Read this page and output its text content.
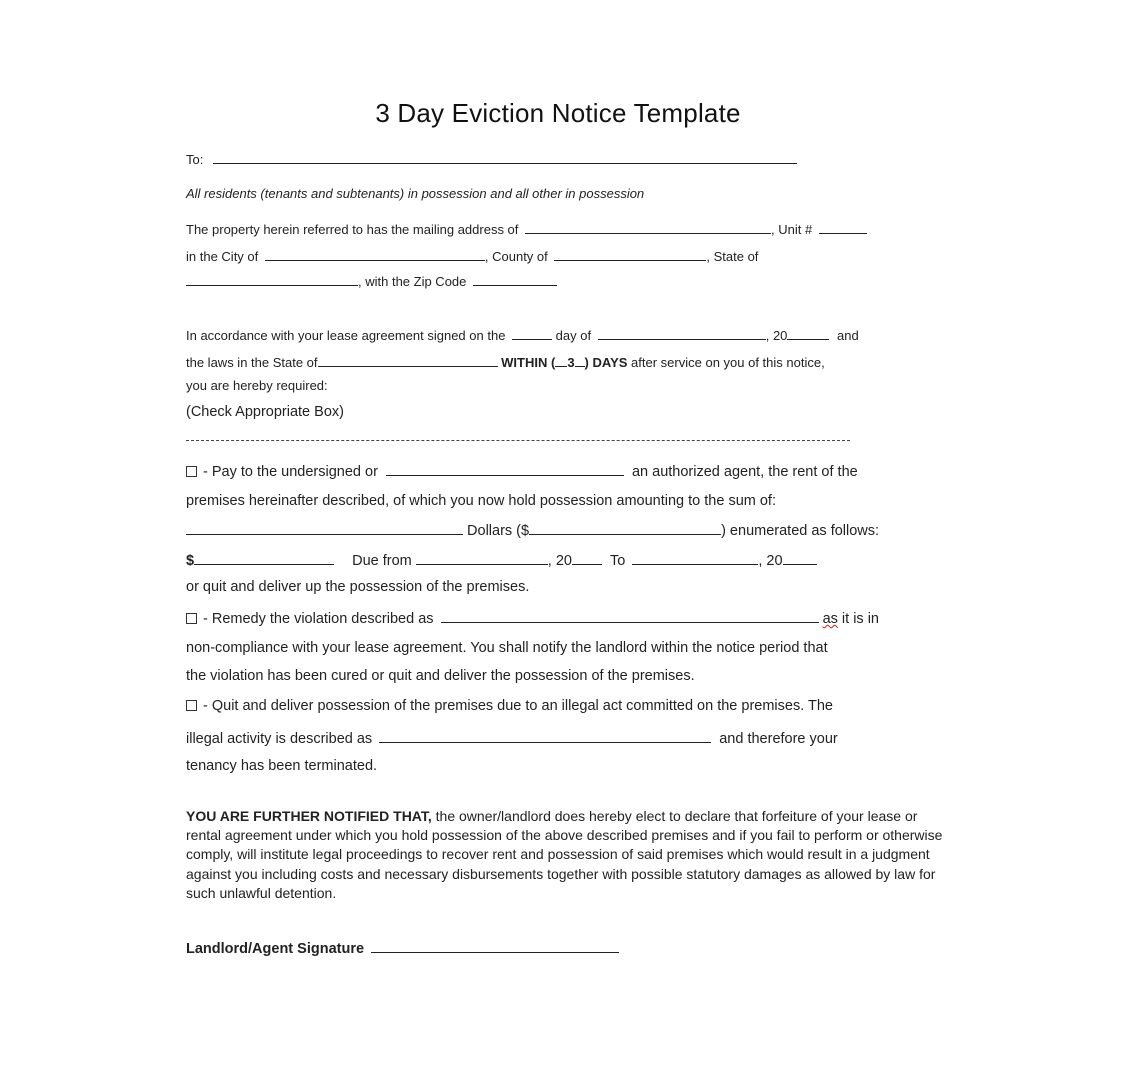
3 Day Eviction Notice Template
To:
All residents (tenants and subtenants) in possession and all other in possession
The property herein referred to has the mailing address of	, Unit #
in the City of	, County of	, State of
, with the Zip Code
In accordance with your lease agreement signed on the	day of	, 20	and
the laws in the State of	WITHIN ( 3 ) DAYS after service on you of this notice,
you are hereby required:
(Check Appropriate Box)
- Pay to the undersigned or	an authorized agent, the rent of the
premises hereinafter described, of which you now hold possession amounting to the sum of:
Dollars ($	) enumerated as follows:
$	Due from	, 20	To	, 20
or quit and deliver up the possession of the premises.
- Remedy the violation described as	as it is in
non-compliance with your lease agreement. You shall notify the landlord within the notice period that
the violation has been cured or quit and deliver the possession of the premises.
- Quit and deliver possession of the premises due to an illegal act committed on the premises. The
illegal activity is described as	and therefore your
tenancy has been terminated.
YOU ARE FURTHER NOTIFIED THAT, the owner/landlord does hereby elect to declare that forfeiture of your lease or rental agreement under which you hold possession of the above described premises and if you fail to perform or otherwise comply, will institute legal proceedings to recover rent and possession of said premises which would result in a judgment against you including costs and necessary disbursements together with possible statutory damages as allowed by law for such unlawful detention.
Landlord/Agent Signature
